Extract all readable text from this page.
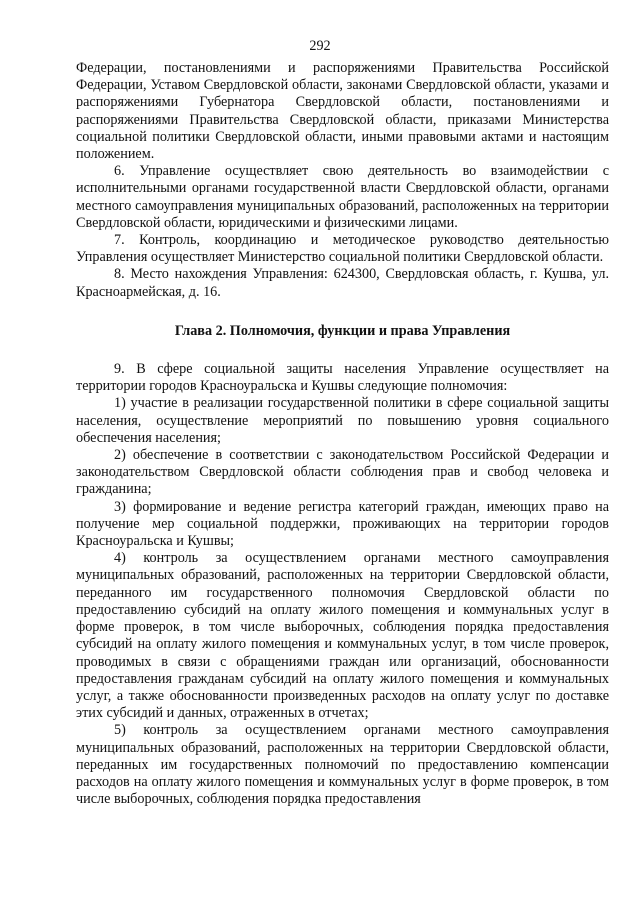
292

Федерации, постановлениями и распоряжениями Правительства Российской Федерации, Уставом Свердловской области, законами Свердловской области, указами и распоряжениями Губернатора Свердловской области, постановлениями и распоряжениями Правительства Свердловской области, приказами Министерства социальной политики Свердловской области, иными правовыми актами и настоящим положением.

6. Управление осуществляет свою деятельность во взаимодействии с исполнительными органами государственной власти Свердловской области, органами местного самоуправления муниципальных образований, расположенных на территории Свердловской области, юридическими и физическими лицами.

7. Контроль, координацию и методическое руководство деятельностью Управления осуществляет Министерство социальной политики Свердловской области.

8. Место нахождения Управления: 624300, Свердловская область, г. Кушва, ул. Красноармейская, д. 16.

Глава 2. Полномочия, функции и права Управления

9. В сфере социальной защиты населения Управление осуществляет на территории городов Красноуральска и Кушвы следующие полномочия:

1) участие в реализации государственной политики в сфере социальной защиты населения, осуществление мероприятий по повышению уровня социального обеспечения населения;

2) обеспечение в соответствии с законодательством Российской Федерации и законодательством Свердловской области соблюдения прав и свобод человека и гражданина;

3) формирование и ведение регистра категорий граждан, имеющих право на получение мер социальной поддержки, проживающих на территории городов Красноуральска и Кушвы;

4) контроль за осуществлением органами местного самоуправления муниципальных образований, расположенных на территории Свердловской области, переданного им государственного полномочия Свердловской области по предоставлению субсидий на оплату жилого помещения и коммунальных услуг в форме проверок, в том числе выборочных, соблюдения порядка предоставления субсидий на оплату жилого помещения и коммунальных услуг, в том числе проверок, проводимых в связи с обращениями граждан или организаций, обоснованности предоставления гражданам субсидий на оплату жилого помещения и коммунальных услуг, а также обоснованности произведенных расходов на оплату услуг по доставке этих субсидий и данных, отраженных в отчетах;

5) контроль за осуществлением органами местного самоуправления муниципальных образований, расположенных на территории Свердловской области, переданных им государственных полномочий по предоставлению компенсации расходов на оплату жилого помещения и коммунальных услуг в форме проверок, в том числе выборочных, соблюдения порядка предоставления
